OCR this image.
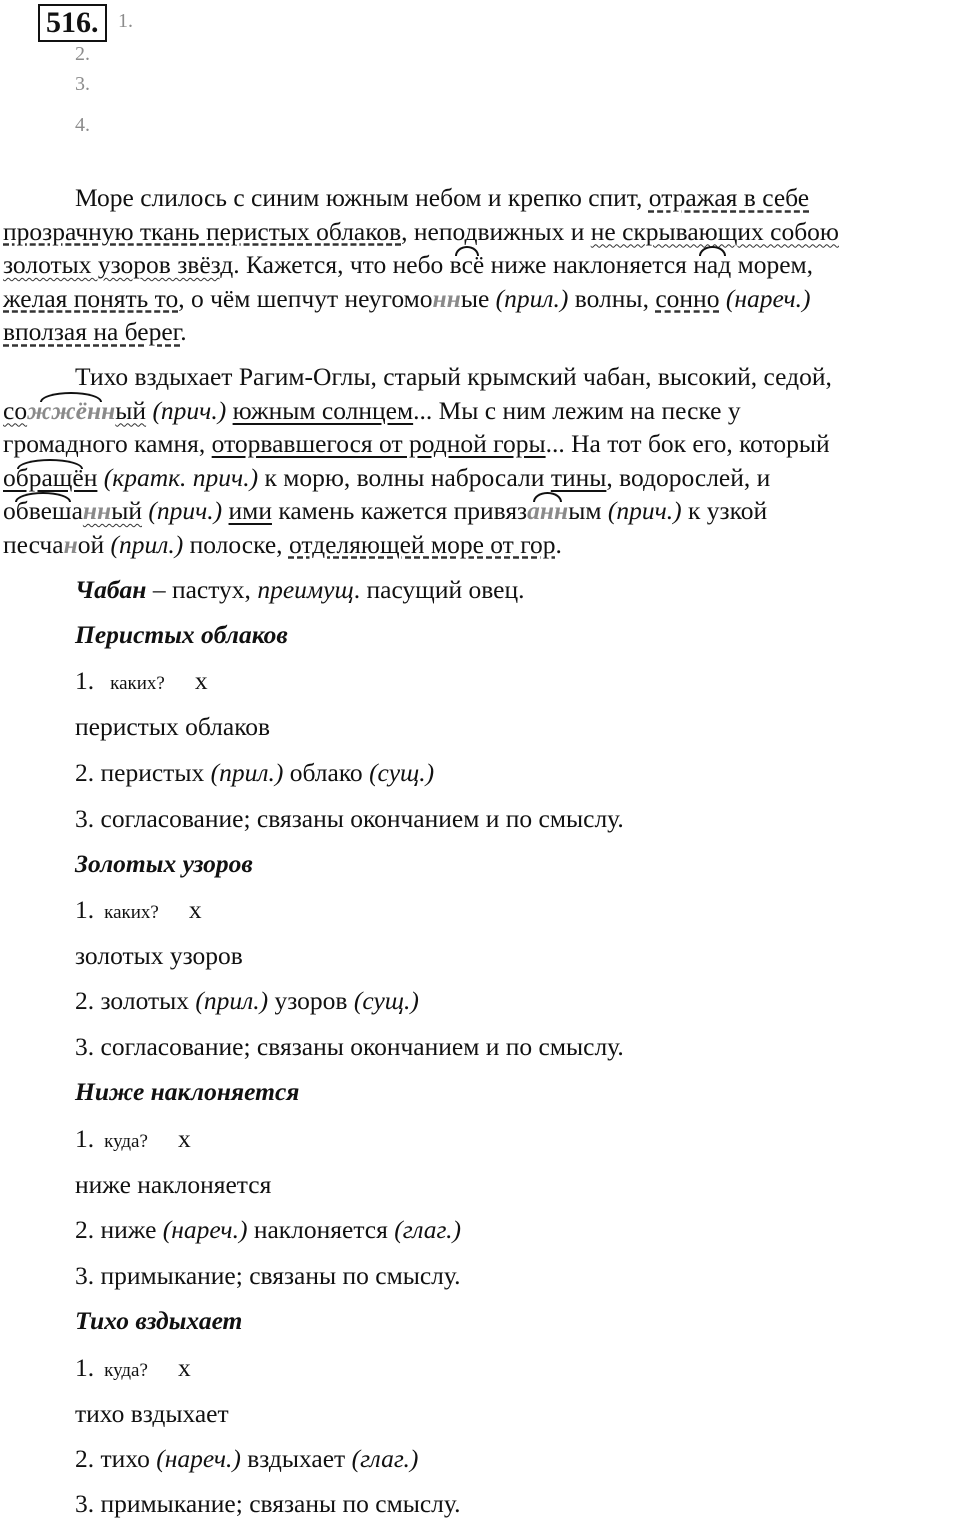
516. 1.
2.
3.
4.
Море слилось с синим южным небом и крепко спит, отражая в себе
прозрачную ткань перистых облаков, неподвижных и не скрывающих собою
золотых узоров звёзд. Кажется, что небо всё ниже наклоняется над морем,
желая понять то, о чём шепчут неугомонные (прил.) волны, сонно (нареч.)
вползая на берег.
Тихо вздыхает Рагим-Оглы, старый крымский чабан, высокий, седой,
сожжённый (прич.) южным солнцем... Мы с ним лежим на песке у
громадного камня, оторвавшегося от родной горы... На тот бок его, который
обращён (кратк. прич.) к морю, волны набросали тины, водорослей, и
обвешанный (прич.) ими камень кажется привязанным (прич.) к узкой
песчаной (прил.) полоске, отделяющей море от гор.
Чабан – пастух, преимущ. пасущий овец.
Перистых облаков
1. каких? х
перистых облаков
2. перистых (прил.) облако (сущ.)
3. согласование; связаны окончанием и по смыслу.
Золотых узоров
1. каких? х
золотых узоров
2. золотых (прил.) узоров (сущ.)
3. согласование; связаны окончанием и по смыслу.
Ниже наклоняется
1. куда? х
ниже наклоняется
2. ниже (нареч.) наклоняется (глаг.)
3. примыкание; связаны по смыслу.
Тихо вздыхает
1. куда? х
тихо вздыхает
2. тихо (нареч.) вздыхает (глаг.)
3. примыкание; связаны по смыслу.
